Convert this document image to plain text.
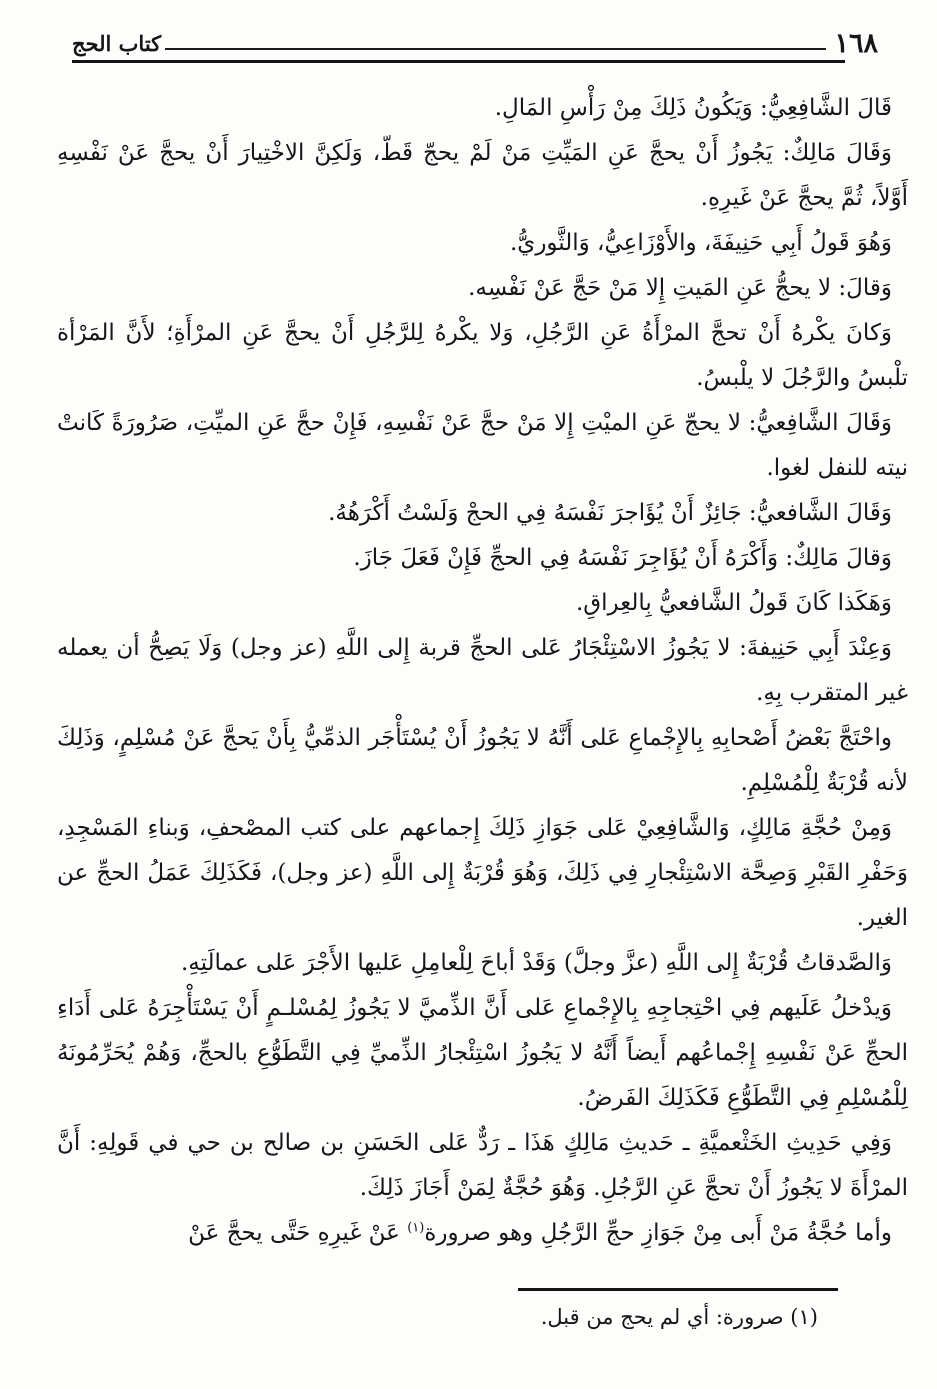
١٦٨
كتاب الحج

قَالَ الشَّافِعِيُّ: وَيَكُونُ ذَلِكَ مِنْ رَأْسِ المَالِ.

وَقَالَ مَالِكٌ: يَجُوزُ أَنْ يحجَّ عَنِ المَيِّتِ مَنْ لَمْ يحجّ قَطّ، وَلَكِنَّ الاخْتِيارَ أَنْ يحجَّ عَنْ نَفْسِهِ أَوَّلاً، ثُمَّ يحجَّ عَنْ غَيرِهِ.

وَهُوَ قَولُ أَبِي حَنِيفَةَ، والأَوْزَاعِيُّ، وَالثَّوريُّ.

وَقالَ: لا يحجُّ عَنِ المَيتِ إِلا مَنْ حَجَّ عَنْ نَفْسِه.

وَكانَ يكْرهُ أَنْ تحجَّ المرْأَةُ عَنِ الرَّجُلِ، وَلا يكْرهُ لِلرَّجُلِ أَنْ يحجَّ عَنِ المرْأَةِ؛ لأَنَّ المَرْأة تلْبسُ والرَّجُلَ لا يلْبسُ.

وَقَالَ الشَّافِعيُّ: لا يحجّ عَنِ الميْتِ إِلا مَنْ حجَّ عَنْ نَفْسِهِ، فَإِنْ حجَّ عَنِ الميِّتِ، صَرُورَةً كَانتْ نيته للنفل لغوا.

وَقَالَ الشَّافعيُّ: جَائِزٌ أَنْ يُؤَاجرَ نَفْسَهُ فِي الحجْ وَلَسْتُ أَكْرَهُهُ.

وَقالَ مَالِكٌ: وَأَكْرَهُ أَنْ يُؤَاجِرَ نَفْسَهُ فِي الحجِّ فَإِنْ فَعَلَ جَازَ.

وَهَكَذا كَانَ قَولُ الشَّافعيُّ بِالعِراقِ.

وَعِنْدَ أَبِي حَنِيفةَ: لا يَجُوزُ الاسْتِئْجَارُ عَلى الحجِّ قربة إِلى اللَّهِ (عز وجل) وَلَا يَصِحُّ أن يعمله غير المتقرب بِهِ.

واحْتَجَّ بَعْضُ أَصْحابِهِ بِالإِجْماعِ عَلى أَنَّهُ لا يَجُوزُ أَنْ يُسْتَأْجَر الذمِّيُّ بِأَنْ يَحجَّ عَنْ مُسْلِمٍ، وَذَلِكَ لأنه قُرْبَةٌ لِلْمُسْلِمِ.

وَمِنْ حُجَّةِ مَالِكٍ، وَالشَّافِعِيْ عَلى جَوَازِ ذَلِكَ إِجماعهم على كتب المصْحفِ، وَبناءِ المَسْجِدِ، وَحَفْرِ القَبْرِ وَصِحَّة الاسْتِئْجارِ فِي ذَلِكَ، وَهُوَ قُرْبَةٌ إِلى اللَّهِ (عز وجل)، فَكَذَلِكَ عَمَلُ الحجِّ عن الغير.

وَالصَّدقاتُ قُرْبَةٌ إِلى اللَّهِ (عزَّ وجلَّ) وَقَدْ أباحَ لِلْعامِلِ عَليها الأَجْرَ عَلى عمالَتِهِ.

وَيدْخلُ عَلَيهم فِي احْتِجاجِهِ بِالإِجْماعِ عَلى أَنَّ الذِّميَّ لا يَجُوزُ لِمُسْلـمٍ أَنْ يَسْتَأْجِرَهُ عَلى أَدَاءِ الحجِّ عَنْ نَفْسِهِ إِجْماعُهم أَيضاً أَنَّهُ لا يَجُوزُ اسْتِئْجارُ الذِّميِّ فِي التَّطَوُّعِ بالحجِّ، وَهُمْ يُحَرِّمُونَهُ لِلْمُسْلِمِ فِي التَّطَوُّعِ فَكَذَلِكَ الفَرضُ.

وَفِي حَدِيثِ الخَثْعميَّةِ ـ حَديثِ مَالِكٍ هَذَا ـ رَدٌّ عَلى الحَسَنِ بن صالح بن حي في قَولِهِ: أَنَّ المرْأَةَ لا يَجُوزُ أَنْ تحجَّ عَنِ الرَّجُلِ. وَهُوَ حُجَّةٌ لِمَنْ أَجَازَ ذَلِكَ.

وأما حُجَّةُ مَنْ أَبى مِنْ جَوَازِ حجِّ الرَّجُلِ وهو صرورة$^{(١)}$ عَنْ غَيرِهِ حَتَّى يحجَّ عَنْ

(١) صرورة: أي لم يحج من قبل.
